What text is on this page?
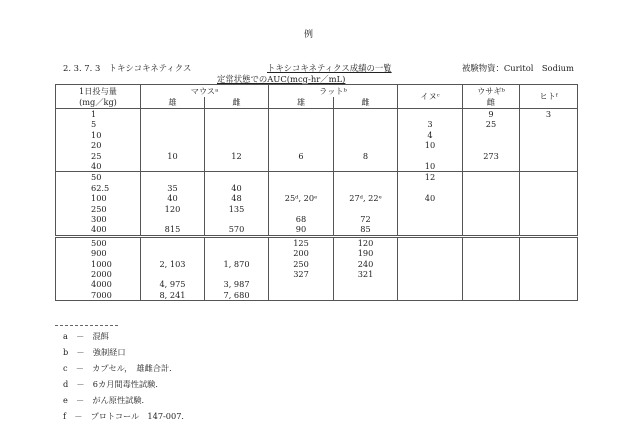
例
2. 3. 7. 3　トキシコキネティクス	トキシコキネティクス成績の一覧	被験物資：Curitol　Sodium
定常状態でのAUC(mcg-hr／mL)
1日投与量
(mg／kg)	マウスᵃ		ラットᵇ		イヌᶜ	ウサギᵇ	ヒトᶠ
	雄	雌	雄	雌		雌	
1						9	3
5					3	25	
10					4		
20					10		
25	10	12	6	8		273	
40					10		
50					12		
62.5	35	40					
100	40	48	25ᵈ, 20ᵉ	27ᵈ, 22ᵉ	40		
250	120	135					
300			68	72			
400	815	570	90	85			
500			125	120			
900			200	190			
1000	2, 103	1, 870	250	240			
2000			327	321			
4000	4, 975	3, 987					
7000	8, 241	7, 680					
a　－　混餌
b　－　強制経口
c　－　カプセル，　雄雌合計．
d　－　6カ月間毒性試験．
e　－　がん原性試験．
f　－　プロトコール　147-007．
